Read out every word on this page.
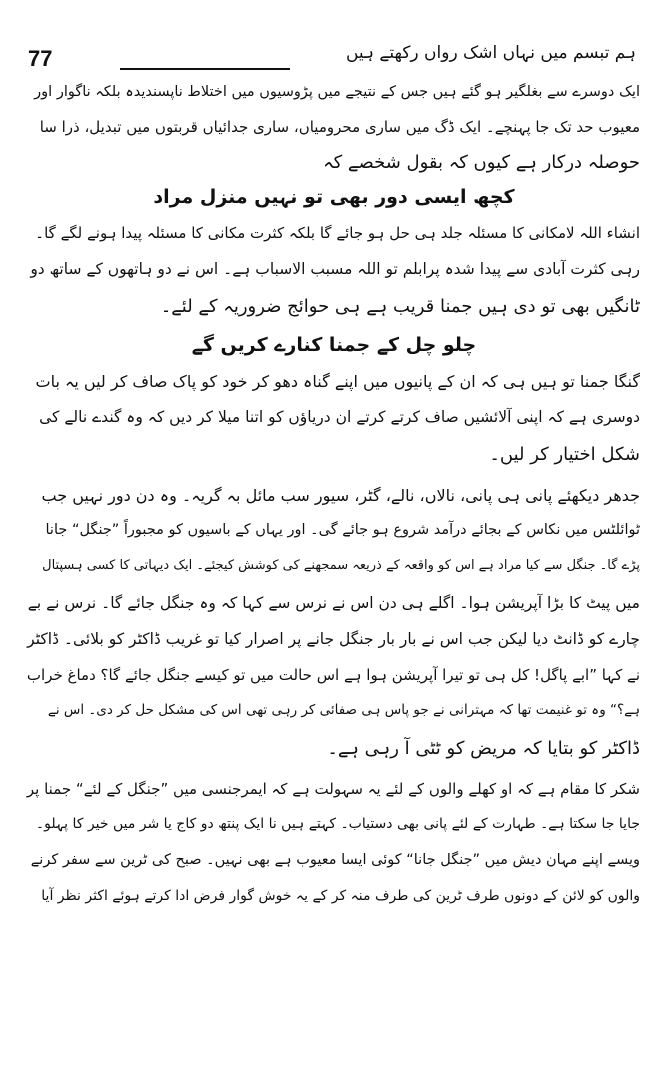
77	ہم تبسم میں نہاں اشک رواں رکھتے ہیں
ایک دوسرے سے بغلگیر ہو گئے ہیں جس کے نتیجے میں پڑوسیوں میں اختلاط ناپسندیدہ بلکہ ناگوار اور
معیوب حد تک جا پہنچے۔ ایک ڈگ میں ساری محرومیاں، ساری جدائیاں قربتوں میں تبدیل، ذرا سا
حوصلہ درکار ہے کیوں کہ بقول شخصے کہ
کچھ ایسی دور بھی تو نہیں منزل مراد
انشاء اللہ لامکانی کا مسئلہ جلد ہی حل ہو جائے گا بلکہ کثرت مکانی کا مسئلہ پیدا ہونے لگے گا۔
رہی کثرت آبادی سے پیدا شدہ پرابلم تو اللہ مسبب الاسباب ہے۔ اس نے دو ہاتھوں کے ساتھ دو
ٹانگیں بھی تو دی ہیں جمنا قریب ہے ہی حوائج ضروریہ کے لئے۔
چلو چل کے جمنا کنارے کریں گے
گنگا جمنا تو ہیں ہی کہ ان کے پانیوں میں اپنے گناہ دھو کر خود کو پاک صاف کر لیں یہ بات
دوسری ہے کہ اپنی آلائشیں صاف کرتے کرتے ان دریاؤں کو اتنا میلا کر دیں کہ وہ گندے نالے کی
شکل اختیار کر لیں۔
جدھر دیکھئے پانی ہی پانی، نالاں، نالے، گٹر، سیور سب مائل بہ گریہ۔ وہ دن دور نہیں جب
ٹوائلٹس میں نکاس کے بجائے درآمد شروع ہو جائے گی۔ اور یہاں کے باسیوں کو مجبوراً ”جنگل“ جانا
پڑے گا۔ جنگل سے کیا مراد ہے اس کو واقعہ کے ذریعہ سمجھنے کی کوشش کیجئے۔ ایک دیہاتی کا کسی ہسپتال
میں پیٹ کا بڑا آپریشن ہوا۔ اگلے ہی دن اس نے نرس سے کہا کہ وہ جنگل جائے گا۔ نرس نے بے
چارے کو ڈانٹ دیا لیکن جب اس نے بار بار جنگل جانے پر اصرار کیا تو غریب ڈاکٹر کو بلائی۔ ڈاکٹر
نے کہا ”ابے پاگل! کل ہی تو تیرا آپریشن ہوا ہے اس حالت میں تو کیسے جنگل جائے گا؟ دماغ خراب
ہے؟“ وہ تو غنیمت تھا کہ مہترانی نے جو پاس ہی صفائی کر رہی تھی اس کی مشکل حل کر دی۔ اس نے
ڈاکٹر کو بتایا کہ مریض کو ٹٹی آ رہی ہے۔
شکر کا مقام ہے کہ او کھلے والوں کے لئے یہ سہولت ہے کہ ایمرجنسی میں ”جنگل کے لئے“ جمنا پر
جایا جا سکتا ہے۔ طہارت کے لئے پانی بھی دستیاب۔ کہتے ہیں نا ایک پنتھ دو کاج یا شر میں خیر کا پہلو۔
ویسے اپنے مہان دیش میں ”جنگل جانا“ کوئی ایسا معیوب ہے بھی نہیں۔ صبح کی ٹرین سے سفر کرنے
والوں کو لائن کے دونوں طرف ٹرین کی طرف منہ کر کے یہ خوش گوار فرض ادا کرتے ہوئے اکثر نظر آیا
